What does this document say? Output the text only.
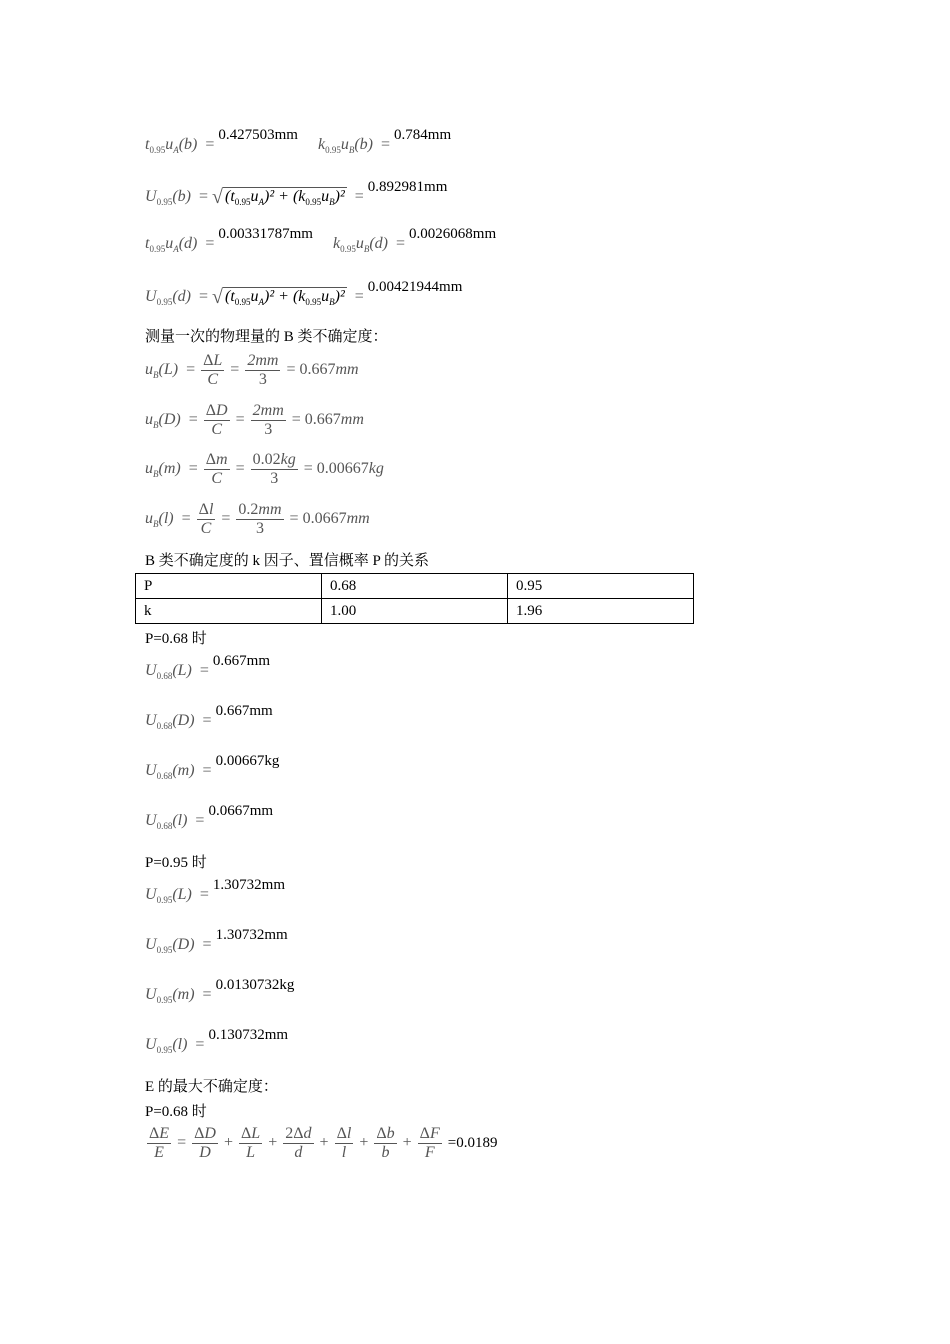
$t_{0.95}u_A(b) =0.427503mm$     $k_{0.95}u_B(b) =0.784mm$
$U_{0.95}(b)$ = √ $(t_{0.95}u_A)^2 + (k_{0.95}u_B)^2 =0.892981mm$
$t_{0.95}u_A(d) =0.00331787mm$     $k_{0.95}u_B(d) =0.0026068mm$
$U_{0.95}(d)$ = √ $(t_{0.95}u_A)^2 + (k_{0.95}u_B)^2 =0.00421944mm$
测量一次的物理量的 B 类不确定度：
$u_B(L) = \frac{\Delta L}{C} = \frac{2mm}{3} = 0.667mm$
$u_B(D) = \frac{\Delta D}{C} = \frac{2mm}{3} = 0.667mm$
$u_B(m) = \frac{\Delta m}{C} = \frac{0.02kg}{3} = 0.00667kg$
$u_B(l) = \frac{\Delta l}{C} = \frac{0.2mm}{3} = 0.0667mm$
B 类不确定度的 k 因子、置信概率 P 的关系
P	0.68	0.95
k	1.00	1.96
P=0.68 时
$U_{0.68}(L) =0.667mm$
$U_{0.68}(D) =0.667mm$
$U_{0.68}(m) =0.00667kg$
$U_{0.68}(l) =0.0667mm$
P=0.95 时
$U_{0.95}(L) =1.30732mm$
$U_{0.95}(D) =1.30732mm$
$U_{0.95}(m) =0.0130732kg$
$U_{0.95}(l) =0.130732mm$
E 的最大不确定度：
P=0.68 时
$\frac{\Delta E}{E} = \frac{\Delta D}{D} + \frac{\Delta L}{L} + \frac{2\Delta d}{d} + \frac{\Delta l}{l} + \frac{\Delta b}{b} + \frac{\Delta F}{F} =0.0189$
